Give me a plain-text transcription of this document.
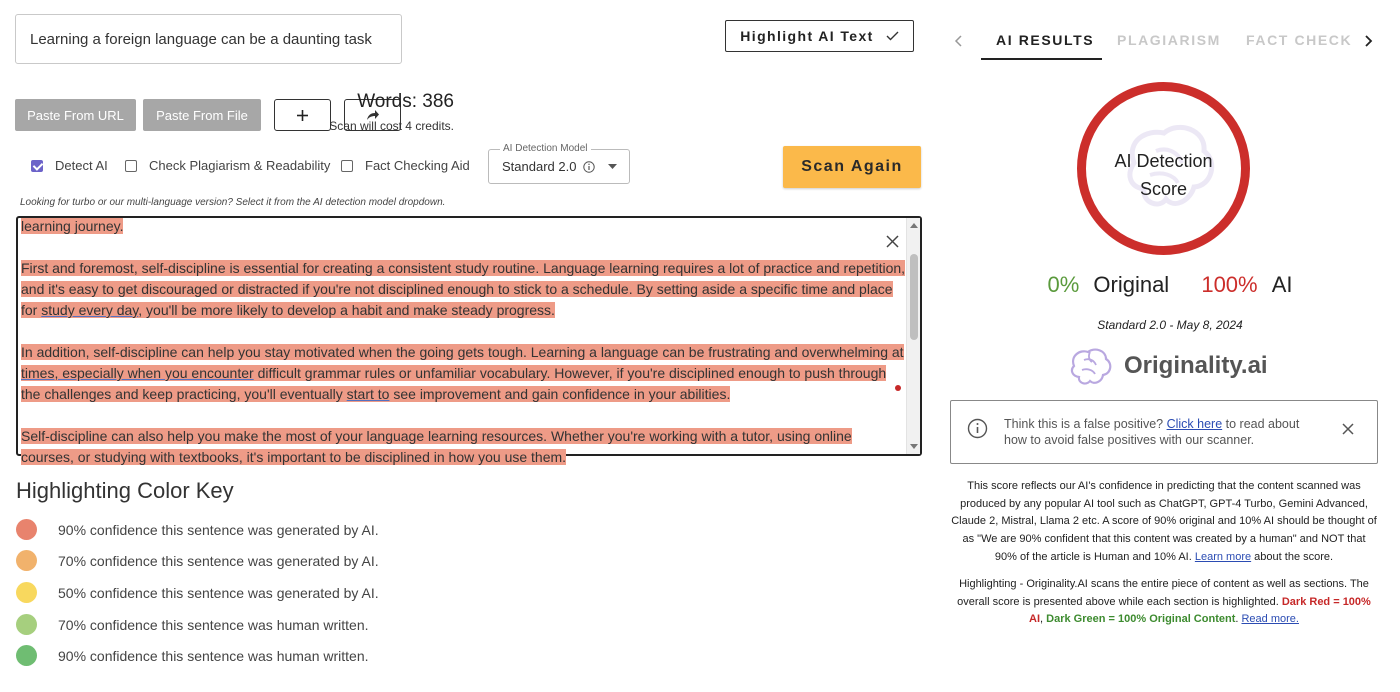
Learning a foreign language can be a daunting task	Highlight AI Text
Paste From URL Paste From File
Words: 386
Scan will cost 4 credits.
Detect AI	Check Plagiarism & Readability	Fact Checking Aid Standard 2.0
AI Detection Model
Scan Again
Looking for turbo or our multi-language version? Select it from the AI detection model dropdown.

learning journey.

First and foremost, self-discipline is essential for creating a consistent study routine. Language learning requires a lot of practice and repetition, and it's easy to get discouraged or distracted if you're not disciplined enough to stick to a schedule. By setting aside a specific time and place for study every day, you'll be more likely to develop a habit and make steady progress.

In addition, self-discipline can help you stay motivated when the going gets tough. Learning a language can be frustrating and overwhelming at times, especially when you encounter difficult grammar rules or unfamiliar vocabulary. However, if you're disciplined enough to push through the challenges and keep practicing, you'll eventually start to see improvement and gain confidence in your abilities.

Self-discipline can also help you make the most of your language learning resources. Whether you're working with a tutor, using online courses, or studying with textbooks, it's important to be disciplined in how you use them.

Highlighting Color Key
90% confidence this sentence was generated by AI.
70% confidence this sentence was generated by AI.
50% confidence this sentence was generated by AI.
70% confidence this sentence was human written.
90% confidence this sentence was human written.
AI RESULTS PLAGIARISM FACT CHECK
AI Detection
Score
0% Original 100% AI
Standard 2.0 - May 8, 2024
Originality.ai
Think this is a false positive? Click here to read about how to avoid false positives with our scanner.
This score reflects our AI's confidence in predicting that the content scanned was produced by any popular AI tool such as ChatGPT, GPT-4 Turbo, Gemini Advanced, Claude 2, Mistral, Llama 2 etc. A score of 90% original and 10% AI should be thought of as "We are 90% confident that this content was created by a human" and NOT that 90% of the article is Human and 10% AI. Learn more about the score.
Highlighting - Originality.AI scans the entire piece of content as well as sections. The overall score is presented above while each section is highlighted. Dark Red = 100% AI, Dark Green = 100% Original Content. Read more.
